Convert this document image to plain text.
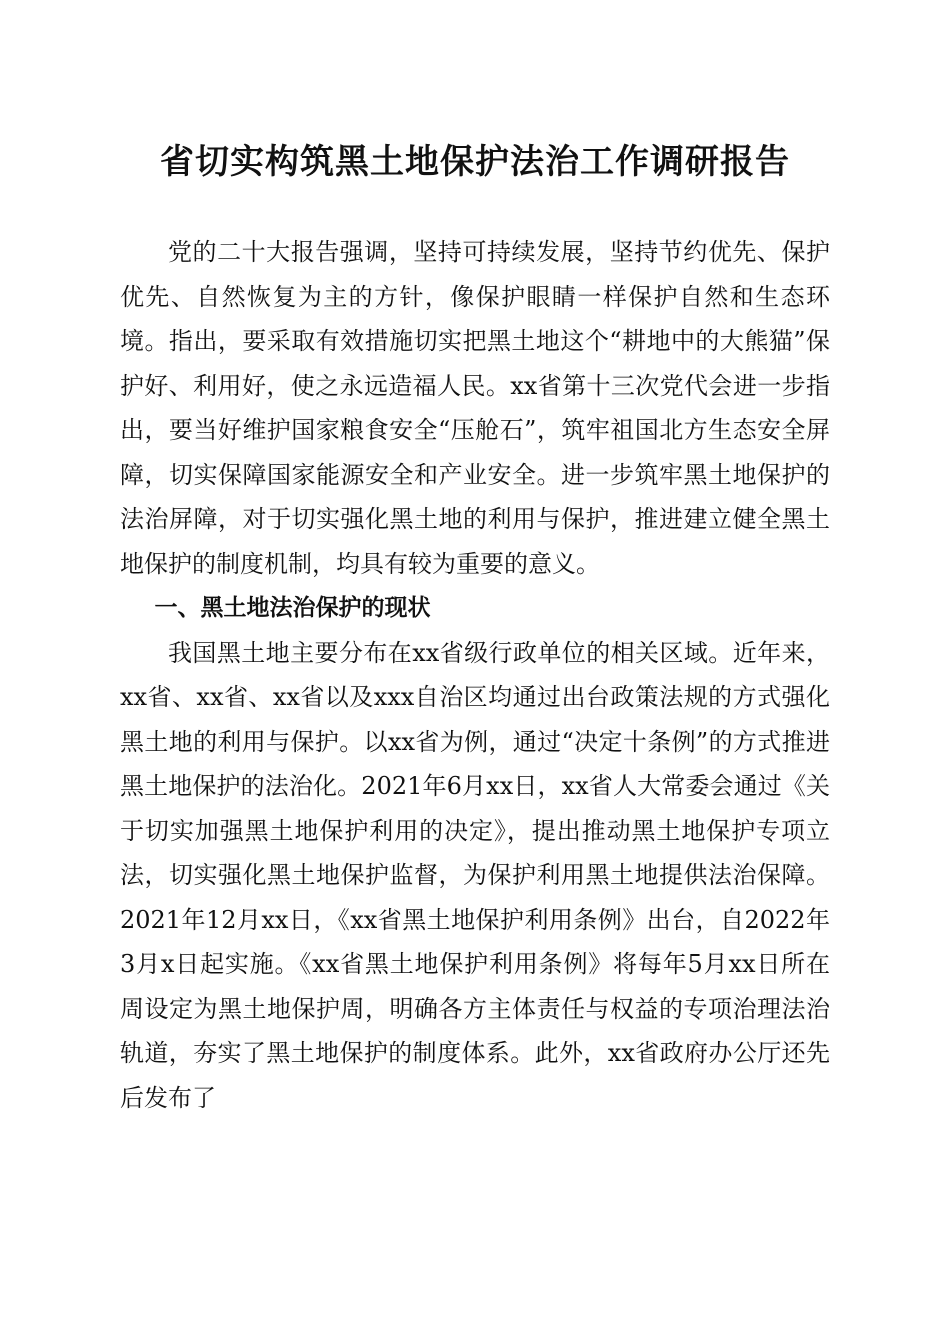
省切实构筑黑土地保护法治工作调研报告

党的二十大报告强调，坚持可持续发展，坚持节约优先、保护优先、自然恢复为主的方针，像保护眼睛一样保护自然和生态环境。指出，要采取有效措施切实把黑土地这个“耕地中的大熊猫”保护好、利用好，使之永远造福人民。xx省第十三次党代会进一步指出，要当好维护国家粮食安全“压舱石”，筑牢祖国北方生态安全屏障，切实保障国家能源安全和产业安全。进一步筑牢黑土地保护的法治屏障，对于切实强化黑土地的利用与保护，推进建立健全黑土地保护的制度机制，均具有较为重要的意义。

一、黑土地法治保护的现状

我国黑土地主要分布在xx省级行政单位的相关区域。近年来，xx省、xx省、xx省以及xxx自治区均通过出台政策法规的方式强化黑土地的利用与保护。以xx省为例，通过“决定十条例”的方式推进黑土地保护的法治化。2021年6月xx日，xx省人大常委会通过《关于切实加强黑土地保护利用的决定》，提出推动黑土地保护专项立法，切实强化黑土地保护监督，为保护利用黑土地提供法治保障。2021年12月xx日，《xx省黑土地保护利用条例》出台，自2022年3月x日起实施。《xx省黑土地保护利用条例》将每年5月xx日所在周设定为黑土地保护周，明确各方主体责任与权益的专项治理法治轨道，夯实了黑土地保护的制度体系。此外，xx省政府办公厅还先后发布了
